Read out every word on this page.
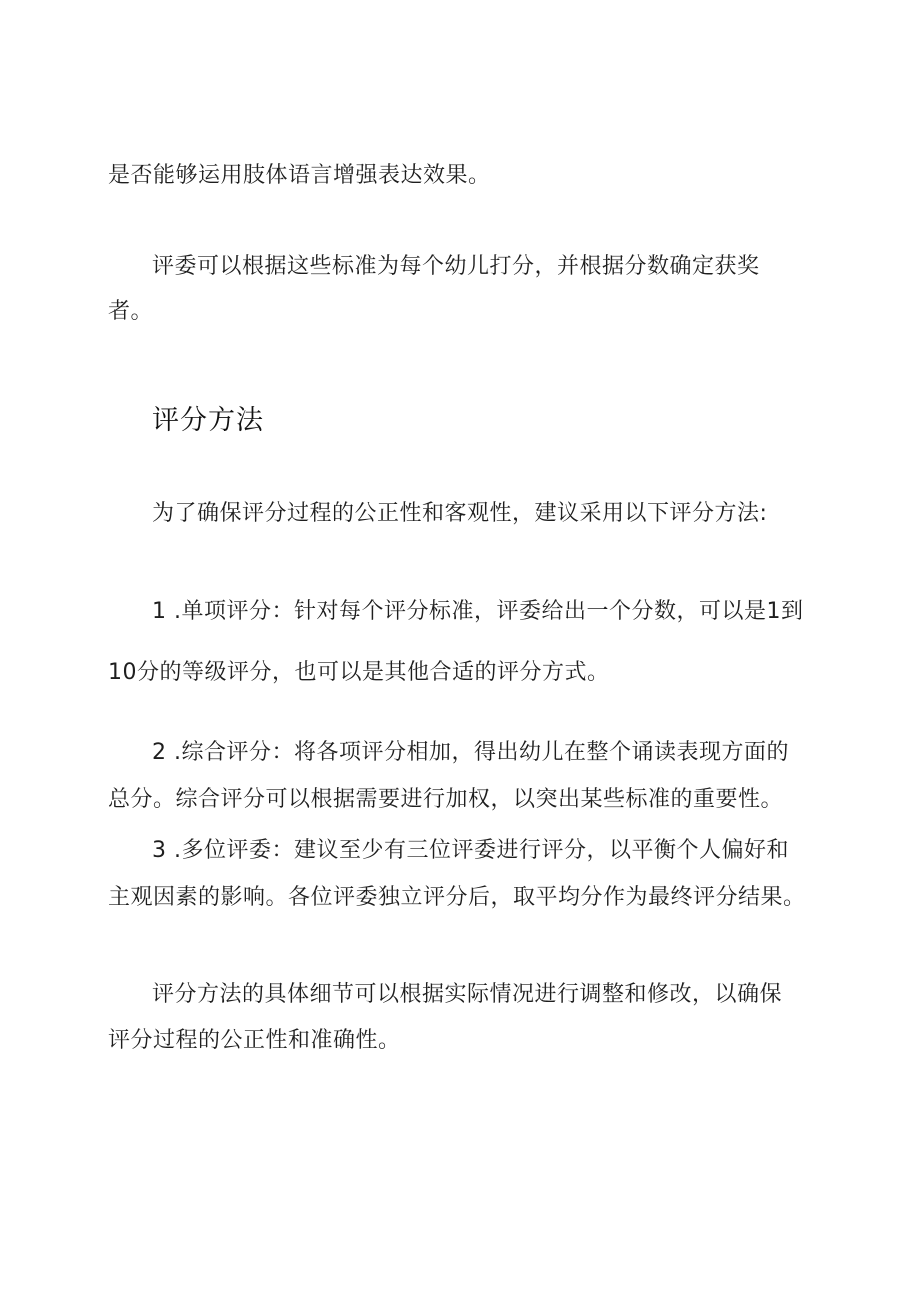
是否能够运用肢体语言增强表达效果。
评委可以根据这些标准为每个幼儿打分，并根据分数确定获奖
者。
评分方法
为了确保评分过程的公正性和客观性，建议采用以下评分方法:
1 .单项评分：针对每个评分标准，评委给出一个分数，可以是1到
10分的等级评分，也可以是其他合适的评分方式。
2 .综合评分：将各项评分相加，得出幼儿在整个诵读表现方面的
总分。综合评分可以根据需要进行加权，以突出某些标准的重要性。
3 .多位评委：建议至少有三位评委进行评分，以平衡个人偏好和
主观因素的影响。各位评委独立评分后，取平均分作为最终评分结果。
评分方法的具体细节可以根据实际情况进行调整和修改，以确保
评分过程的公正性和准确性。
